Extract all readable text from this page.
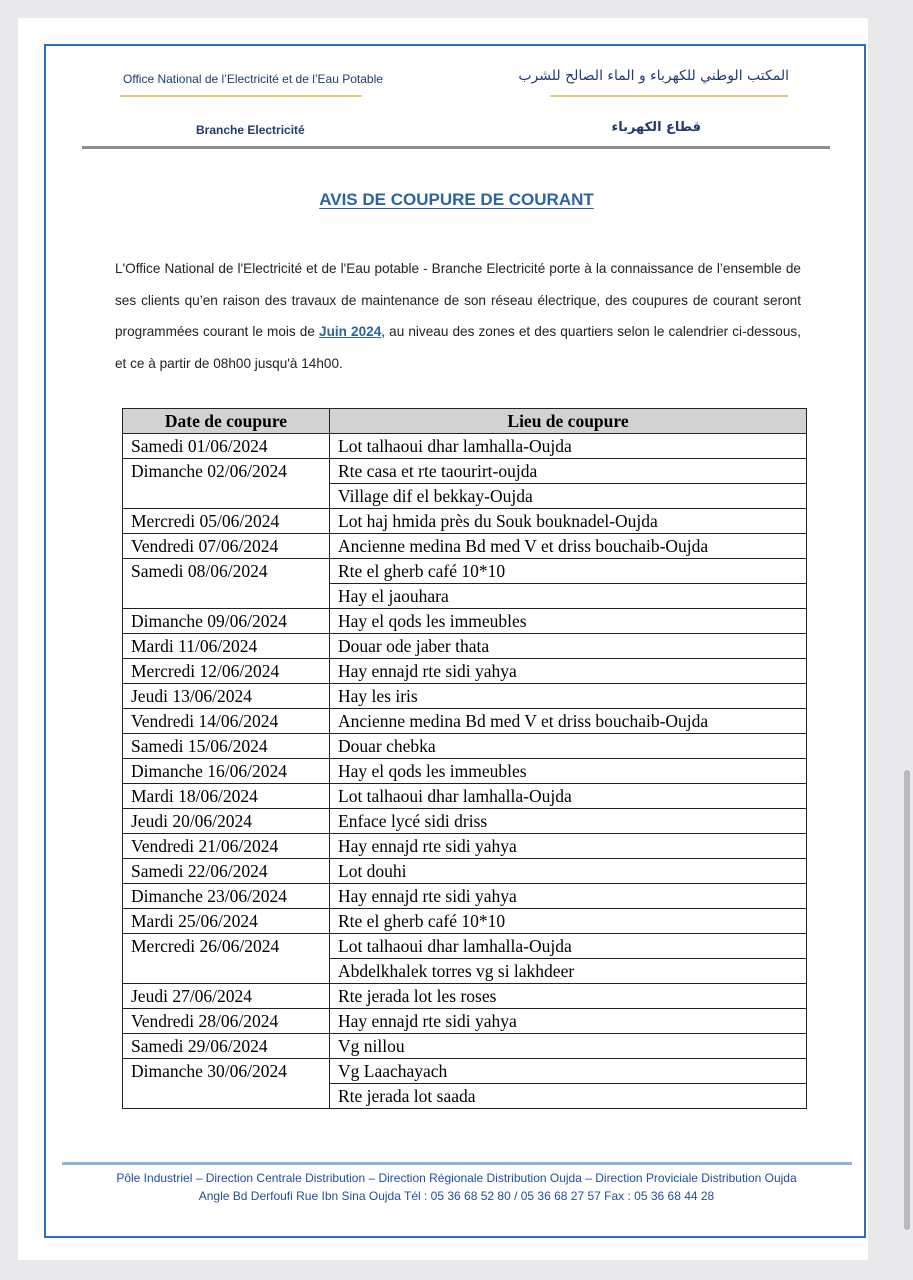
Office National de l’Electricité et de l’Eau Potable
Branche Electricité
المكتب الوطني للكهرباء و الماء الصالح للشرب
قطاع الكهرباء
AVIS DE COUPURE DE COURANT

L'Office National de l'Electricité et de l'Eau potable - Branche Electricité porte à la connaissance de l’ensemble de ses clients qu’en raison des travaux de maintenance de son réseau électrique, des coupures de courant seront programmées courant le mois de Juin 2024, au niveau des zones et des quartiers selon le calendrier ci-dessous, et ce à partir de 08h00 jusqu'à 14h00.

Date de coupure	Lieu de coupure
Samedi 01/06/2024	Lot talhaoui dhar lamhalla-Oujda
Dimanche 02/06/2024	Rte casa et rte taourirt-oujda
	Village dif el bekkay-Oujda
Mercredi 05/06/2024	Lot haj hmida près du Souk bouknadel-Oujda
Vendredi 07/06/2024	Ancienne medina Bd med V et driss bouchaib-Oujda
Samedi 08/06/2024	Rte el gherb café 10*10
	Hay el jaouhara
Dimanche 09/06/2024	Hay el qods les immeubles
Mardi 11/06/2024	Douar ode jaber thata
Mercredi 12/06/2024	Hay ennajd rte sidi yahya
Jeudi 13/06/2024	Hay les iris
Vendredi 14/06/2024	Ancienne medina Bd med V et driss bouchaib-Oujda
Samedi 15/06/2024	Douar chebka
Dimanche 16/06/2024	Hay el qods les immeubles
Mardi 18/06/2024	Lot talhaoui dhar lamhalla-Oujda
Jeudi 20/06/2024	Enface lycé sidi driss
Vendredi 21/06/2024	Hay ennajd rte sidi yahya
Samedi 22/06/2024	Lot douhi
Dimanche 23/06/2024	Hay ennajd rte sidi yahya
Mardi 25/06/2024	Rte el gherb café 10*10
Mercredi 26/06/2024	Lot talhaoui dhar lamhalla-Oujda
	Abdelkhalek torres vg si lakhdeer
Jeudi 27/06/2024	Rte jerada lot les roses
Vendredi 28/06/2024	Hay ennajd rte sidi yahya
Samedi 29/06/2024	Vg nillou
Dimanche 30/06/2024	Vg Laachayach
	Rte jerada lot saada
Pôle Industriel – Direction Centrale Distribution – Direction Régionale Distribution Oujda – Direction Proviciale Distribution Oujda
Angle Bd Derfoufi Rue Ibn Sina Oujda Tél : 05 36 68 52 80 / 05 36 68 27 57 Fax : 05 36 68 44 28
